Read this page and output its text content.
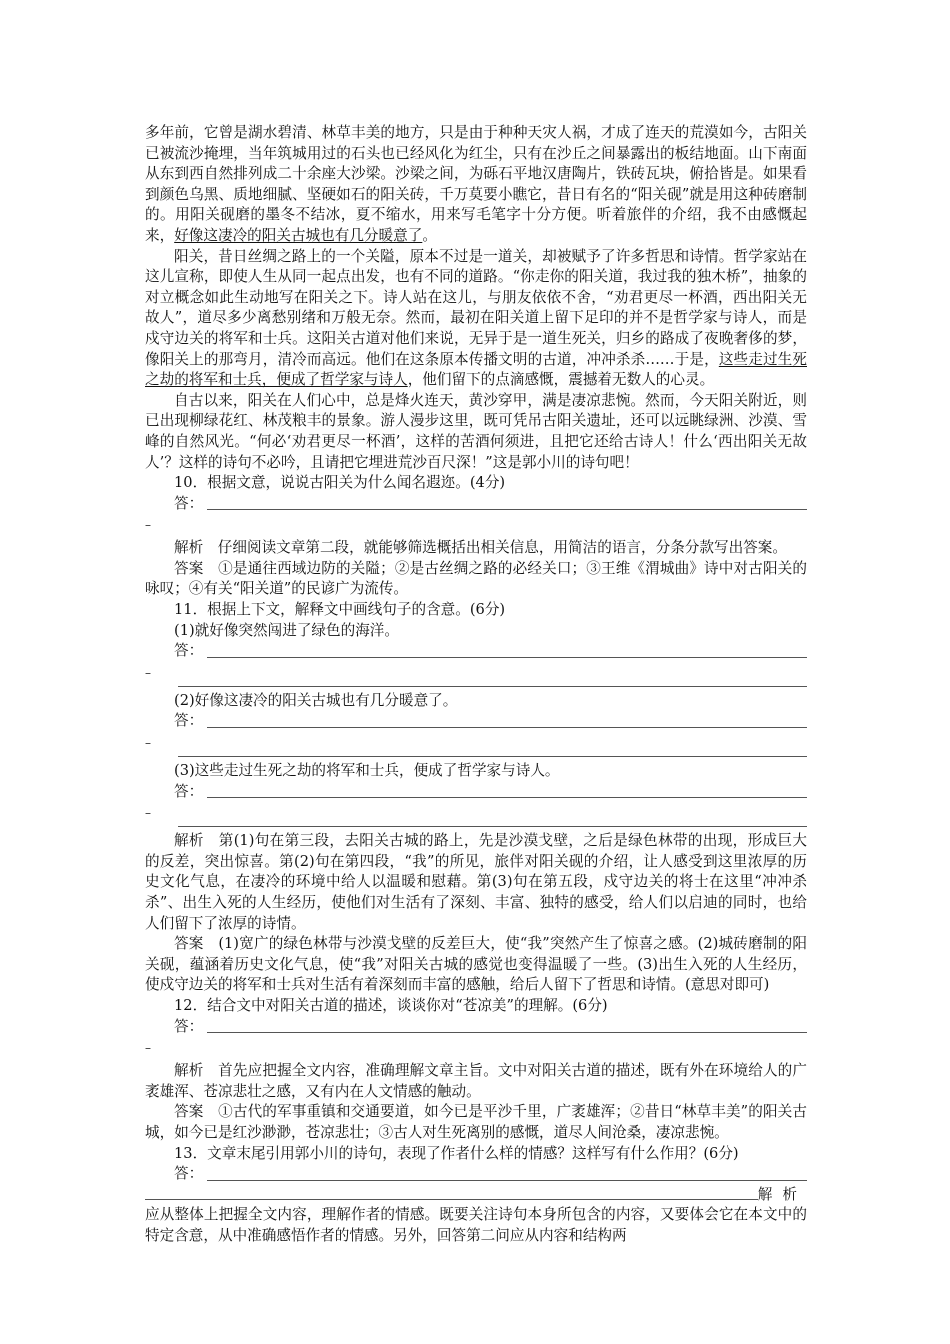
多年前，它曾是湖水碧清、林草丰美的地方，只是由于种种天灾人祸，才成了连天的荒漠如今，古阳关已被流沙掩埋，当年筑城用过的石头也已经风化为红尘，只有在沙丘之间暴露出的板结地面。山下南面从东到西自然排列成二十余座大沙梁。沙梁之间，为砾石平地汉唐陶片，铁砖瓦块，俯拾皆是。如果看到颜色乌黑、质地细腻、坚硬如石的阳关砖，千万莫要小瞧它，昔日有名的“阳关砚”就是用这种砖磨制的。用阳关砚磨的墨冬不结冰，夏不缩水，用来写毛笔字十分方便。听着旅伴的介绍，我不由感慨起来，好像这凄冷的阳关古城也有几分暖意了。

阳关，昔日丝绸之路上的一个关隘，原本不过是一道关，却被赋予了许多哲思和诗情。哲学家站在这儿宣称，即使人生从同一起点出发，也有不同的道路。“你走你的阳关道，我过我的独木桥”，抽象的对立概念如此生动地写在阳关之下。诗人站在这儿，与朋友依依不舍，“劝君更尽一杯酒，西出阳关无故人”，道尽多少离愁别绪和万般无奈。然而，最初在阳关道上留下足印的并不是哲学家与诗人，而是戍守边关的将军和士兵。这阳关古道对他们来说，无异于是一道生死关，归乡的路成了夜晚奢侈的梦，像阳关上的那弯月，清冷而高远。他们在这条原本传播文明的古道，冲冲杀杀……于是，这些走过生死之劫的将军和士兵，便成了哲学家与诗人，他们留下的点滴感慨，震撼着无数人的心灵。

自古以来，阳关在人们心中，总是烽火连天，黄沙穿甲，满是凄凉悲惋。然而，今天阳关附近，则已出现柳绿花红、林茂粮丰的景象。游人漫步这里，既可凭吊古阳关遗址，还可以远眺绿洲、沙漠、雪峰的自然风光。“何必‘劝君更尽一杯酒’，这样的苦酒何须进，且把它还给古诗人！什么‘西出阳关无故人’？这样的诗句不必吟，且请把它埋进荒沙百尺深！”这是郭小川的诗句吧！

10．根据文意，说说古阳关为什么闻名遐迩。(4分)

答：
–

解析　仔细阅读文章第二段，就能够筛选概括出相关信息，用简洁的语言，分条分款写出答案。

答案　①是通往西域边防的关隘；②是古丝绸之路的必经关口；③王维《渭城曲》诗中对古阳关的咏叹；④有关“阳关道”的民谚广为流传。

11．根据上下文，解释文中画线句子的含意。(6分)

(1)就好像突然闯进了绿色的海洋。

答：
–

(2)好像这凄冷的阳关古城也有几分暖意了。

答：
–

(3)这些走过生死之劫的将军和士兵，便成了哲学家与诗人。

答：
–

解析　第(1)句在第三段，去阳关古城的路上，先是沙漠戈壁，之后是绿色林带的出现，形成巨大的反差，突出惊喜。第(2)句在第四段，“我”的所见，旅伴对阳关砚的介绍，让人感受到这里浓厚的历史文化气息，在凄冷的环境中给人以温暖和慰藉。第(3)句在第五段，戍守边关的将士在这里“冲冲杀杀”、出生入死的人生经历，使他们对生活有了深刻、丰富、独特的感受，给人们以启迪的同时，也给人们留下了浓厚的诗情。

答案　(1)宽广的绿色林带与沙漠戈壁的反差巨大，使“我”突然产生了惊喜之感。(2)城砖磨制的阳关砚，蕴涵着历史文化气息，使“我”对阳关古城的感觉也变得温暖了一些。(3)出生入死的人生经历，使戍守边关的将军和士兵对生活有着深刻而丰富的感触，给后人留下了哲思和诗情。(意思对即可)

12．结合文中对阳关古道的描述，谈谈你对“苍凉美”的理解。(6分)

答：
–

解析　首先应把握全文内容，准确理解文章主旨。文中对阳关古道的描述，既有外在环境给人的广袤雄浑、苍凉悲壮之感，又有内在人文情感的触动。

答案　①古代的军事重镇和交通要道，如今已是平沙千里，广袤雄浑；②昔日“林草丰美”的阳关古城，如今已是红沙渺渺，苍凉悲壮；③古人对生死离别的感慨，道尽人间沧桑，凄凉悲惋。

13．文章末尾引用郭小川的诗句，表现了作者什么样的情感？这样写有什么作用？(6分)

答：
解析

应从整体上把握全文内容，理解作者的情感。既要关注诗句本身所包含的内容，又要体会它在本文中的特定含意，从中准确感悟作者的情感。另外，回答第二问应从内容和结构两
